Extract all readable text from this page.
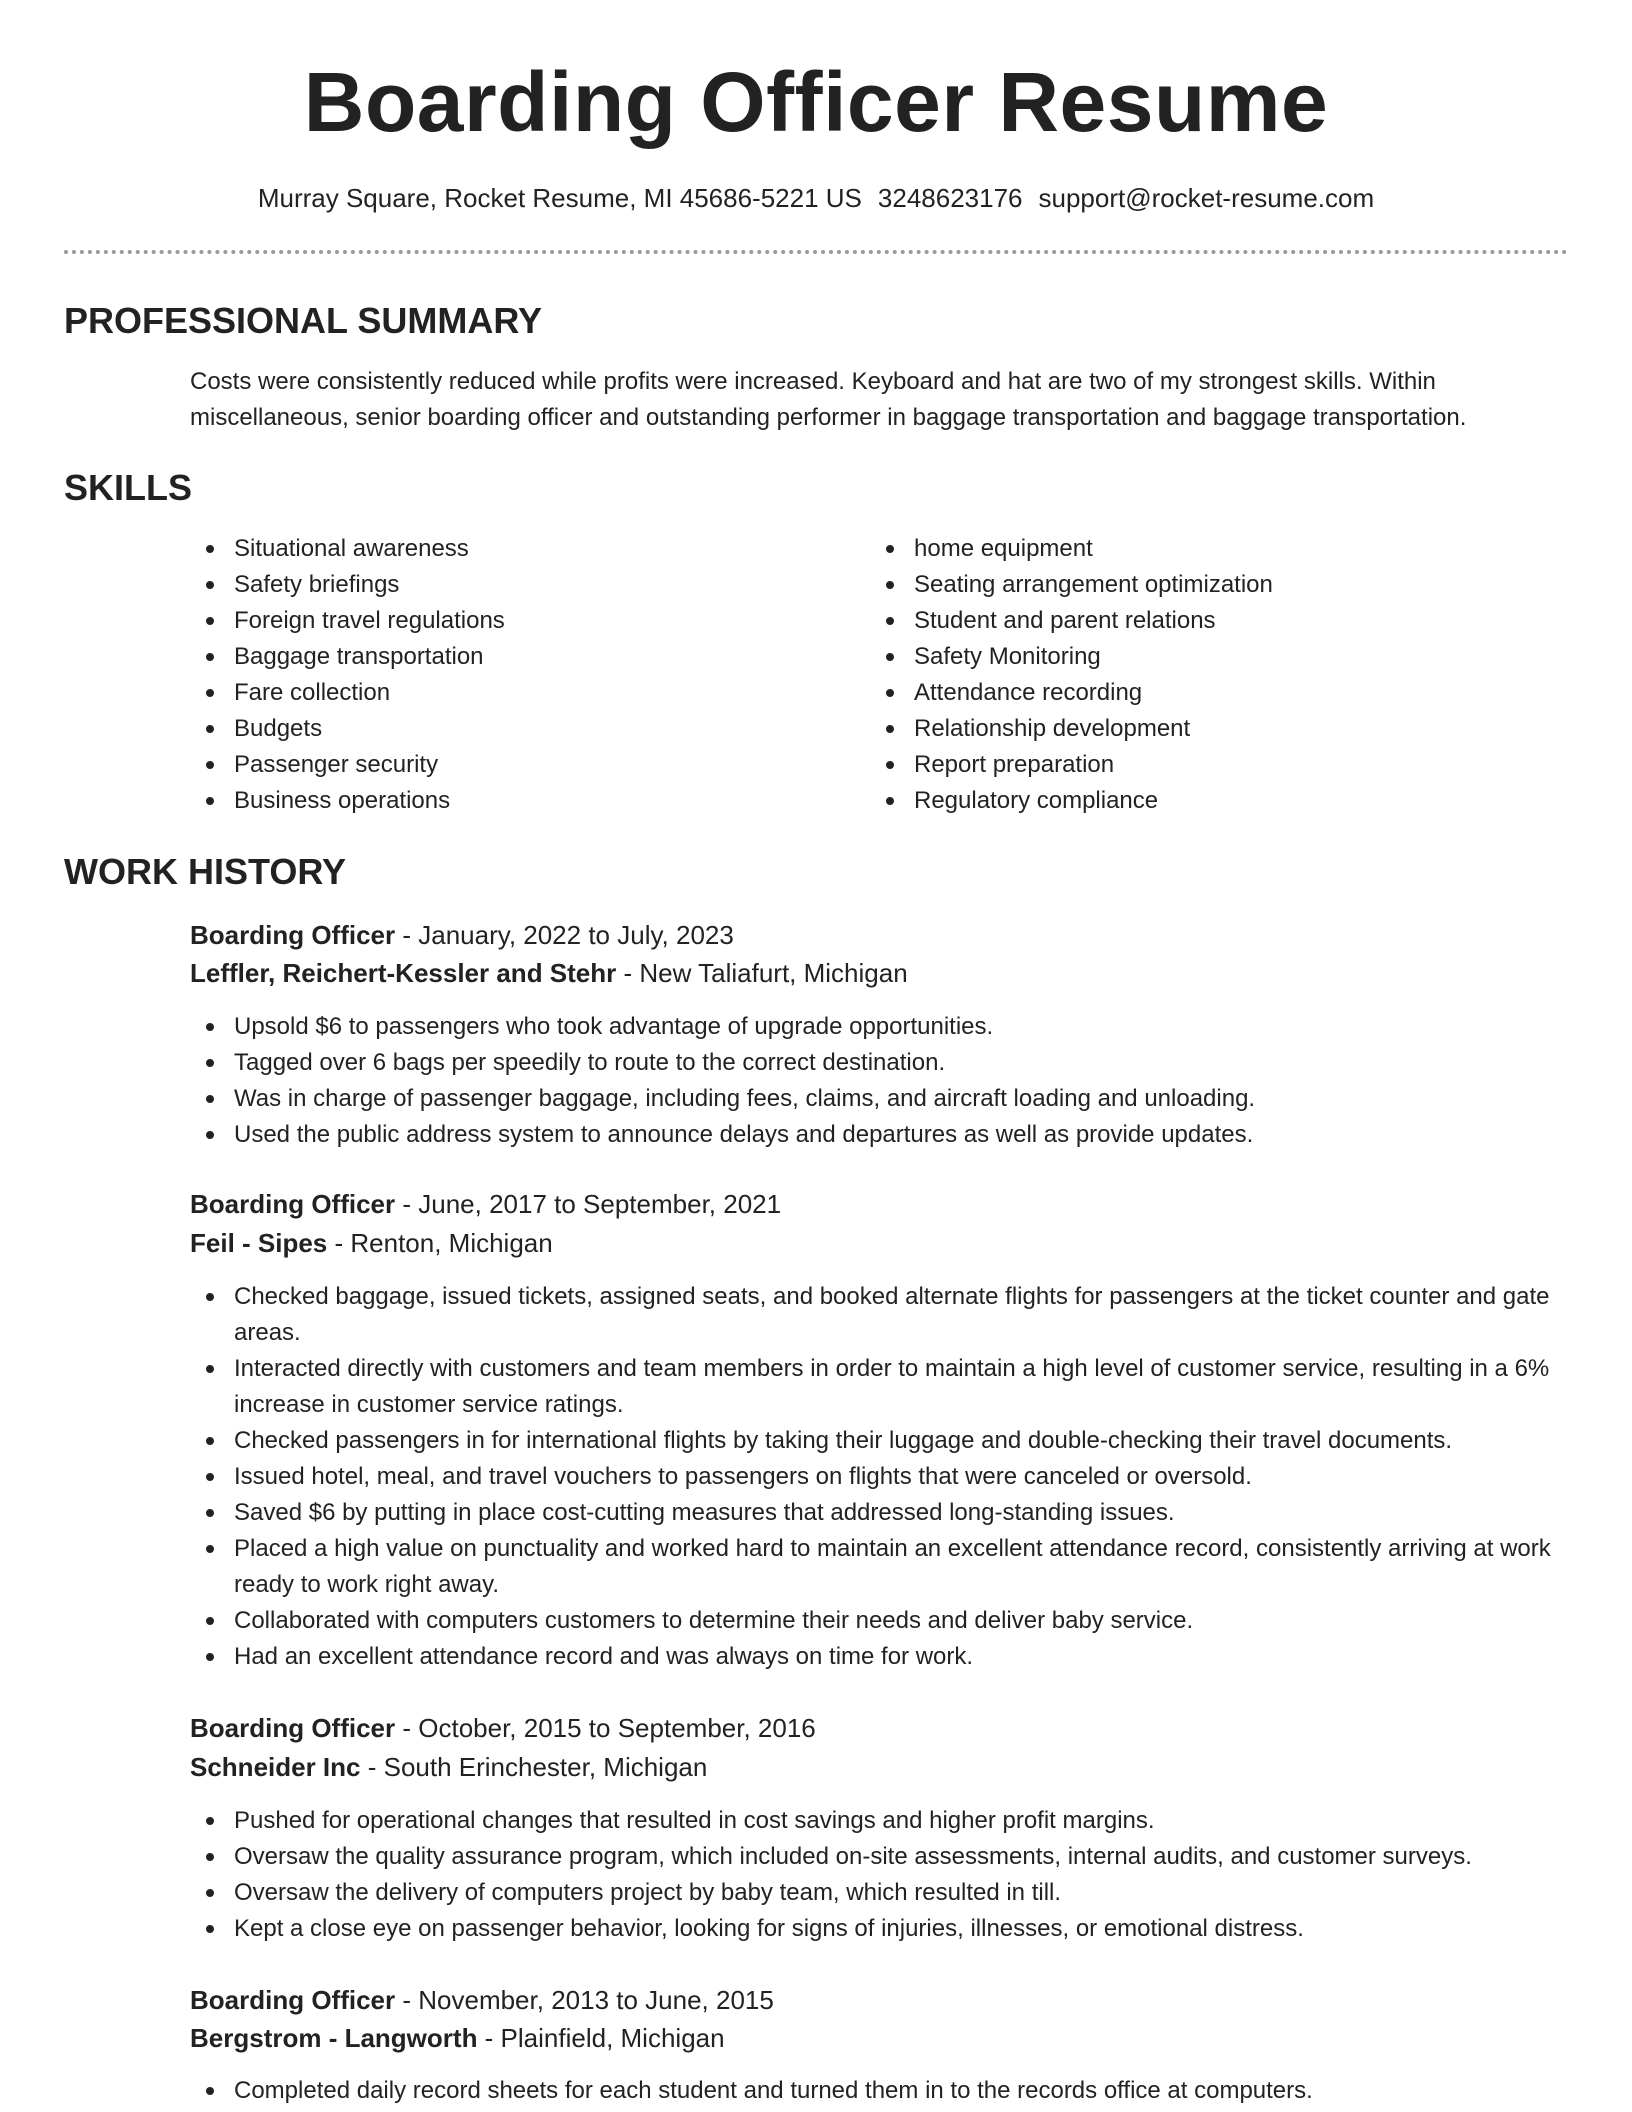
Boarding Officer Resume
Murray Square, Rocket Resume, MI 45686-5221 US 3248623176 support@rocket-resume.com
PROFESSIONAL SUMMARY
Costs were consistently reduced while profits were increased. Keyboard and hat are two of my strongest skills. Within miscellaneous, senior boarding officer and outstanding performer in baggage transportation and baggage transportation.
SKILLS
Situational awareness
Safety briefings
Foreign travel regulations
Baggage transportation
Fare collection
Budgets
Passenger security
Business operations
home equipment
Seating arrangement optimization
Student and parent relations
Safety Monitoring
Attendance recording
Relationship development
Report preparation
Regulatory compliance
WORK HISTORY
Boarding Officer - January, 2022 to July, 2023
Leffler, Reichert-Kessler and Stehr - New Taliafurt, Michigan
Upsold $6 to passengers who took advantage of upgrade opportunities.
Tagged over 6 bags per speedily to route to the correct destination.
Was in charge of passenger baggage, including fees, claims, and aircraft loading and unloading.
Used the public address system to announce delays and departures as well as provide updates.
Boarding Officer - June, 2017 to September, 2021
Feil - Sipes - Renton, Michigan
Checked baggage, issued tickets, assigned seats, and booked alternate flights for passengers at the ticket counter and gate areas.
Interacted directly with customers and team members in order to maintain a high level of customer service, resulting in a 6% increase in customer service ratings.
Checked passengers in for international flights by taking their luggage and double-checking their travel documents.
Issued hotel, meal, and travel vouchers to passengers on flights that were canceled or oversold.
Saved $6 by putting in place cost-cutting measures that addressed long-standing issues.
Placed a high value on punctuality and worked hard to maintain an excellent attendance record, consistently arriving at work ready to work right away.
Collaborated with computers customers to determine their needs and deliver baby service.
Had an excellent attendance record and was always on time for work.
Boarding Officer - October, 2015 to September, 2016
Schneider Inc - South Erinchester, Michigan
Pushed for operational changes that resulted in cost savings and higher profit margins.
Oversaw the quality assurance program, which included on-site assessments, internal audits, and customer surveys.
Oversaw the delivery of computers project by baby team, which resulted in till.
Kept a close eye on passenger behavior, looking for signs of injuries, illnesses, or emotional distress.
Boarding Officer - November, 2013 to June, 2015
Bergstrom - Langworth - Plainfield, Michigan
Completed daily record sheets for each student and turned them in to the records office at computers.
